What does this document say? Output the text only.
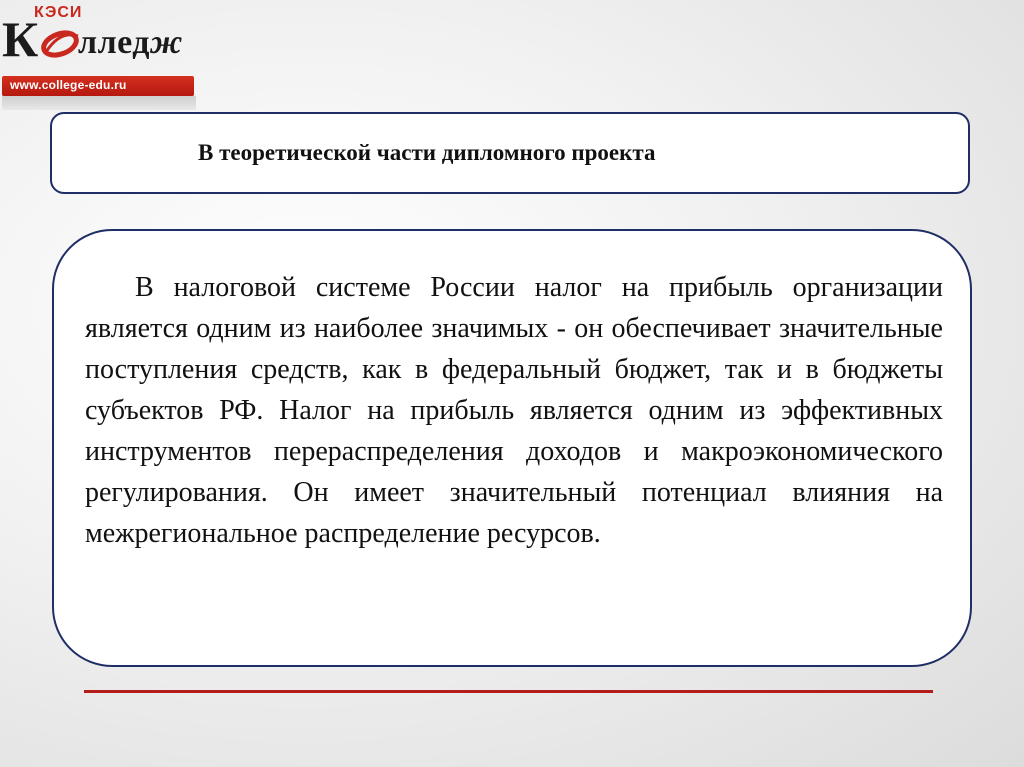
КЭСИ
К лледж
www.college-edu.ru
В теоретической части дипломного проекта

В налоговой системе России налог на прибыль организации является одним из наиболее значимых - он обеспечивает значительные поступления средств, как в федеральный бюджет, так и в бюджеты субъектов РФ. Налог на прибыль является одним из эффективных инструментов перераспределения доходов и макроэкономического регулирования. Он имеет значительный потенциал влияния на межрегиональное распределение ресурсов.
